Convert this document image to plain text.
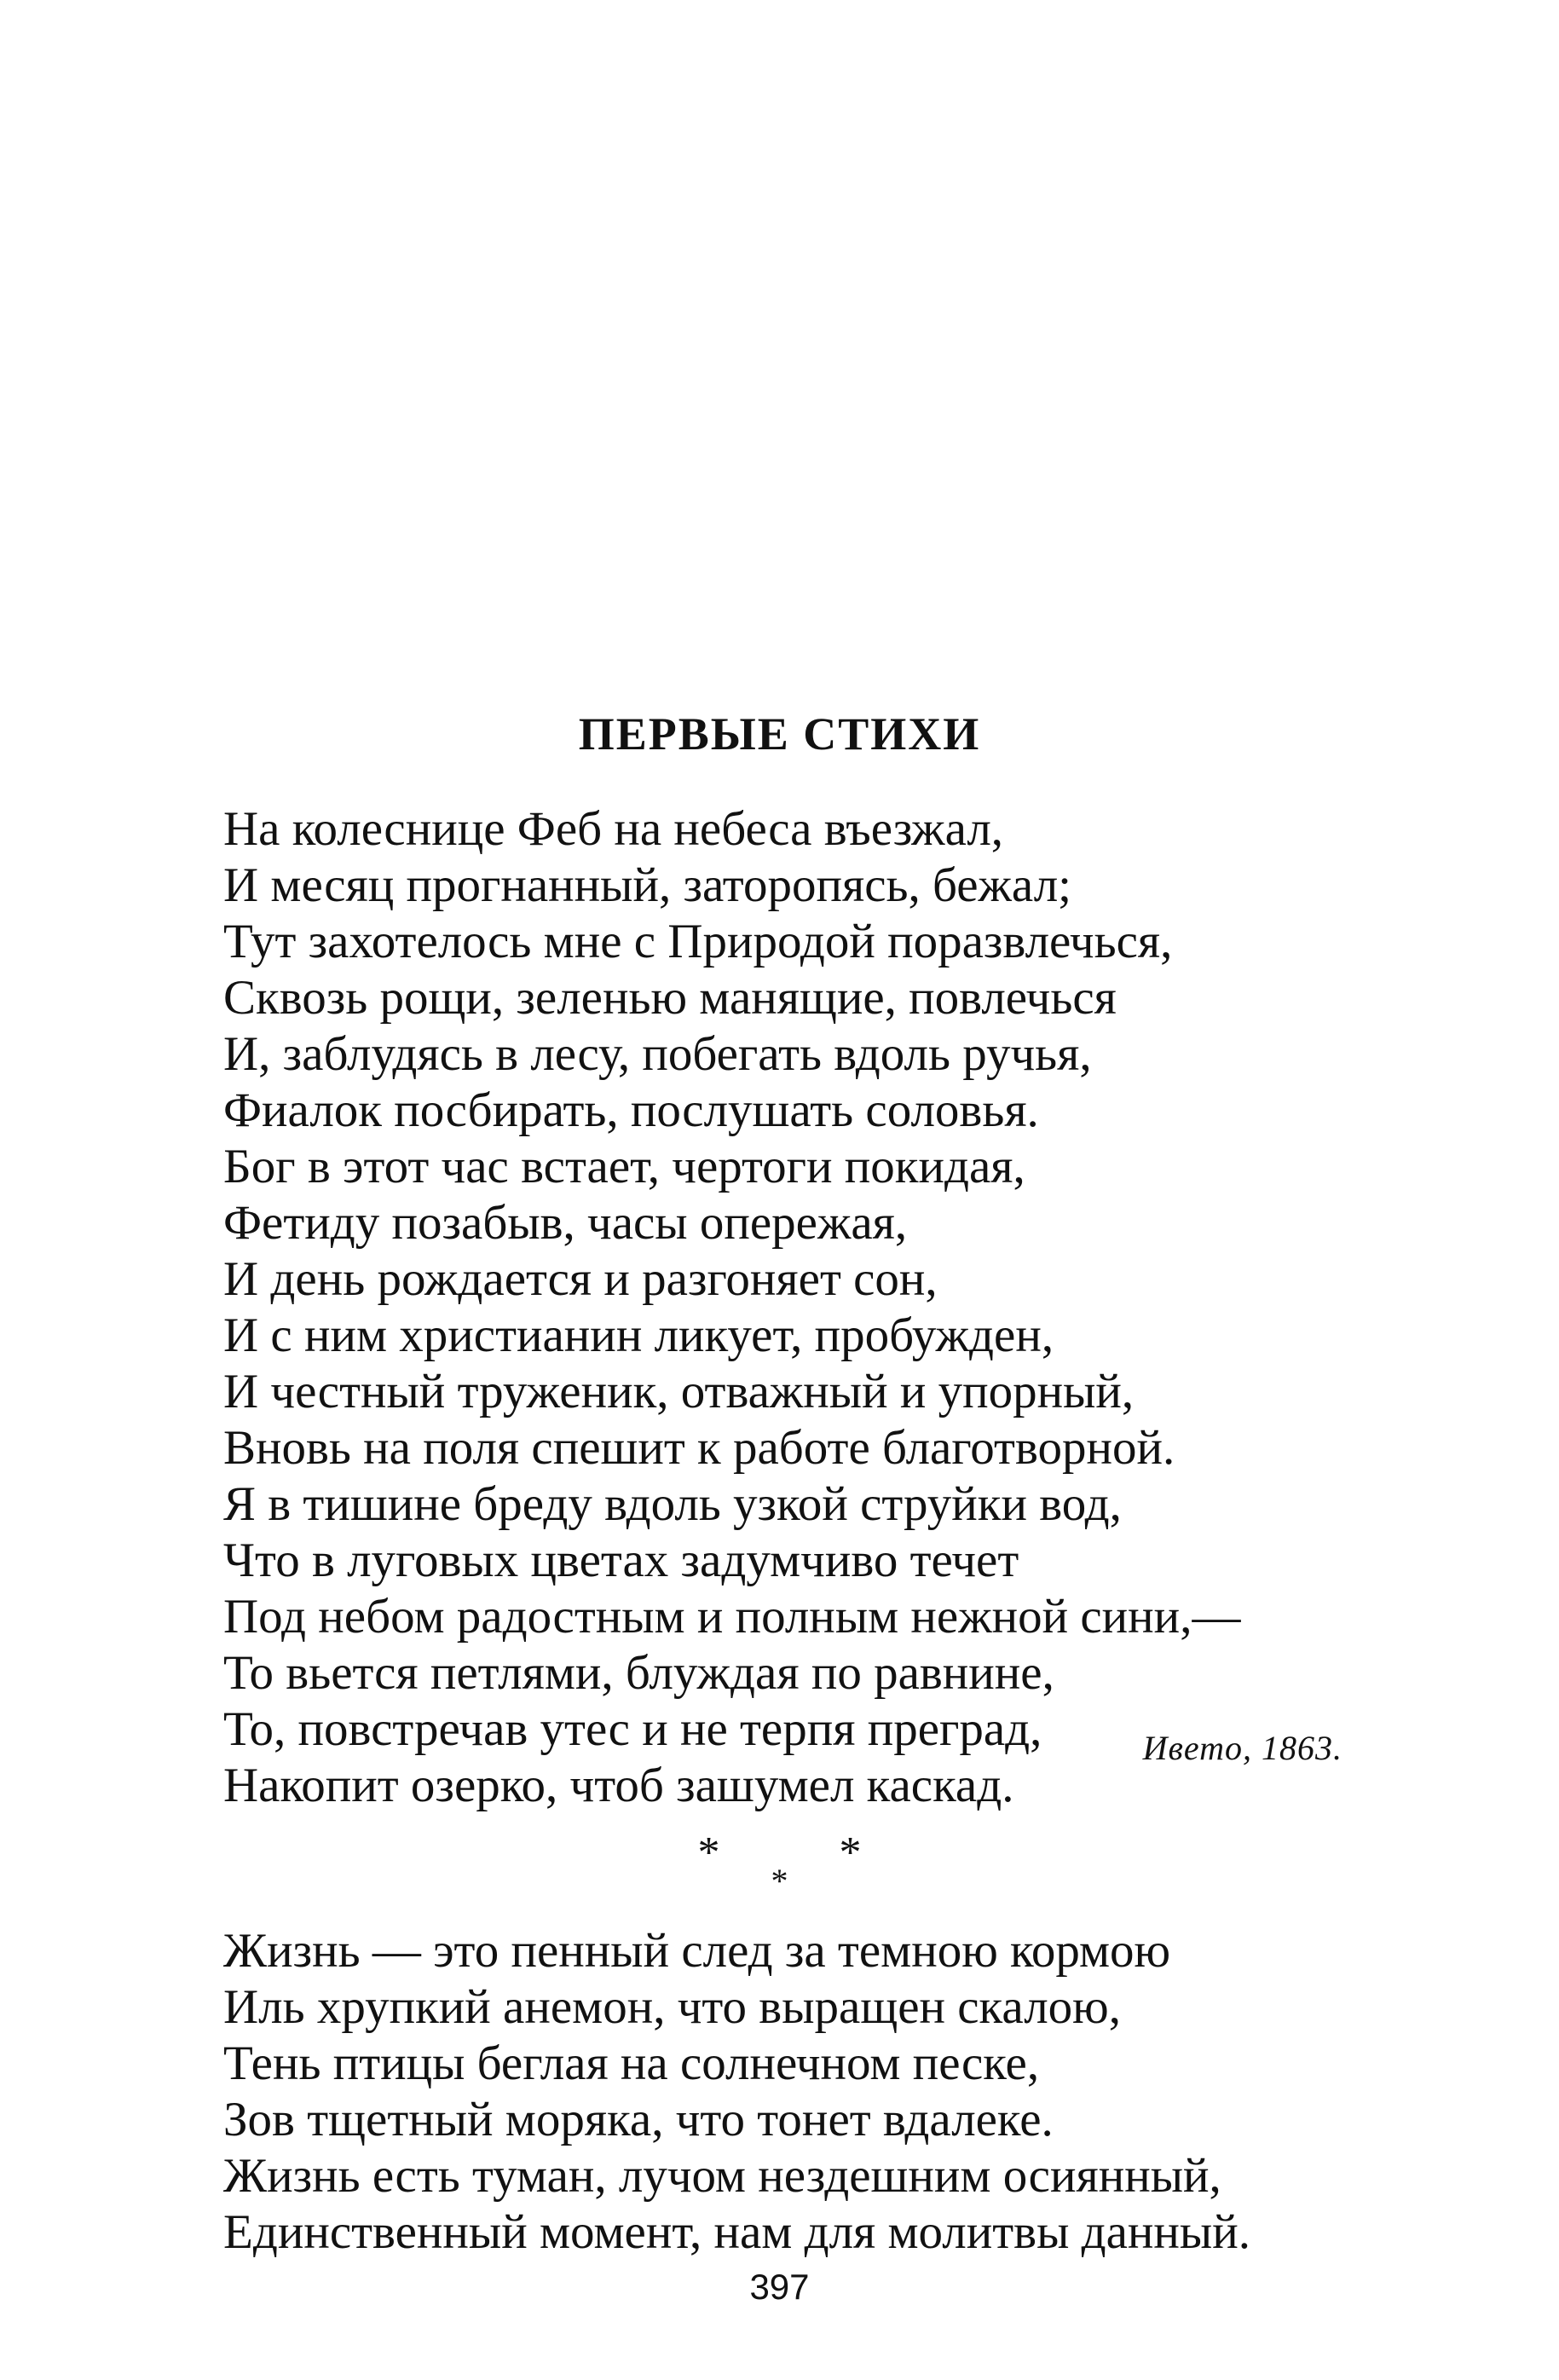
ПЕРВЫЕ СТИХИ
На колеснице Феб на небеса въезжал,
И месяц прогнанный, заторопясь, бежал;
Тут захотелось мне с Природой поразвлечься,
Сквозь рощи, зеленью манящие, повлечься
И, заблудясь в лесу, побегать вдоль ручья,
Фиалок посбирать, послушать соловья.
Бог в этот час встает, чертоги покидая,
Фетиду позабыв, часы опережая,
И день рождается и разгоняет сон,
И с ним христианин ликует, пробужден,
И честный труженик, отважный и упорный,
Вновь на поля спешит к работе благотворной.
Я в тишине бреду вдоль узкой струйки вод,
Что в луговых цветах задумчиво течет
Под небом радостным и полным нежной сини,—
То вьется петлями, блуждая по равнине,
То, повстречав утес и не терпя преград,
Накопит озерко, чтоб зашумел каскад.
Ивето, 1863.
* * *
Жизнь — это пенный след за темною кормою
Иль хрупкий анемон, что выращен скалою,
Тень птицы беглая на солнечном песке,
Зов тщетный моряка, что тонет вдалеке.
Жизнь есть туман, лучом нездешним осиянный,
Единственный момент, нам для молитвы данный.
397
